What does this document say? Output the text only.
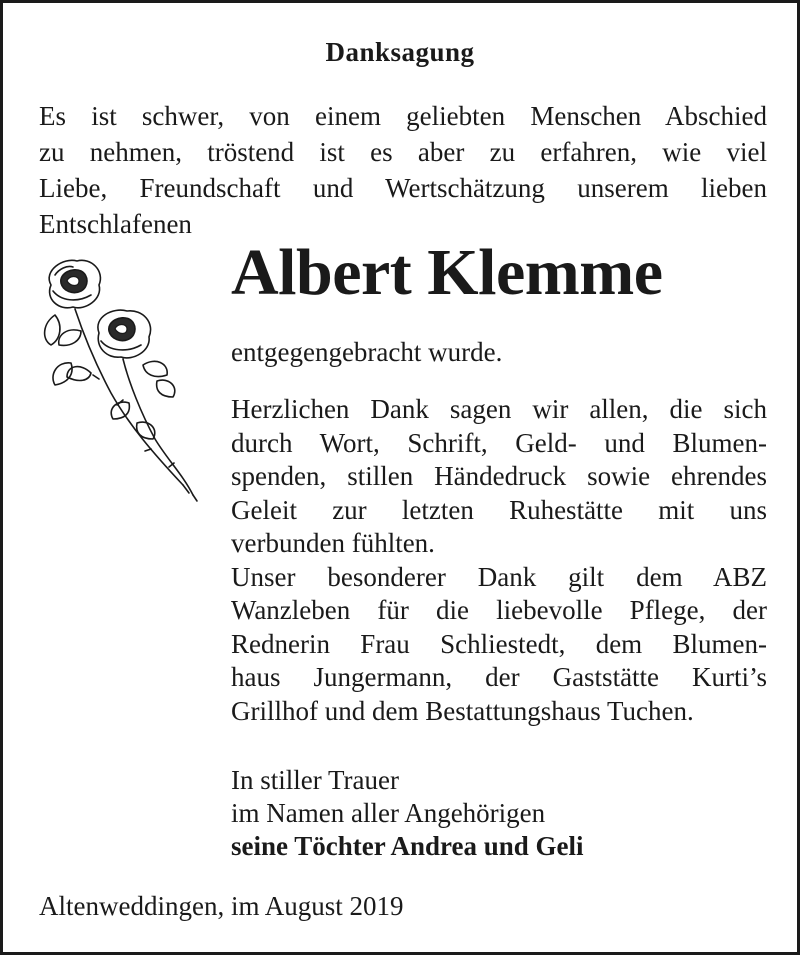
Danksagung
Es ist schwer, von einem geliebten Menschen Abschied
zu nehmen, tröstend ist es aber zu erfahren, wie viel
Liebe, Freundschaft und Wertschätzung unserem lieben
Entschlafenen
Albert Klemme
entgegengebracht wurde.
Herzlichen Dank sagen wir allen, die sich
durch Wort, Schrift, Geld- und Blumen-
spenden, stillen Händedruck sowie ehrendes
Geleit zur letzten Ruhestätte mit uns
verbunden fühlten.
Unser besonderer Dank gilt dem ABZ
Wanzleben für die liebevolle Pflege, der
Rednerin Frau Schliestedt, dem Blumen-
haus Jungermann, der Gaststätte Kurti’s
Grillhof und dem Bestattungshaus Tuchen.
In stiller Trauer
im Namen aller Angehörigen
seine Töchter Andrea und Geli
Altenweddingen, im August 2019
